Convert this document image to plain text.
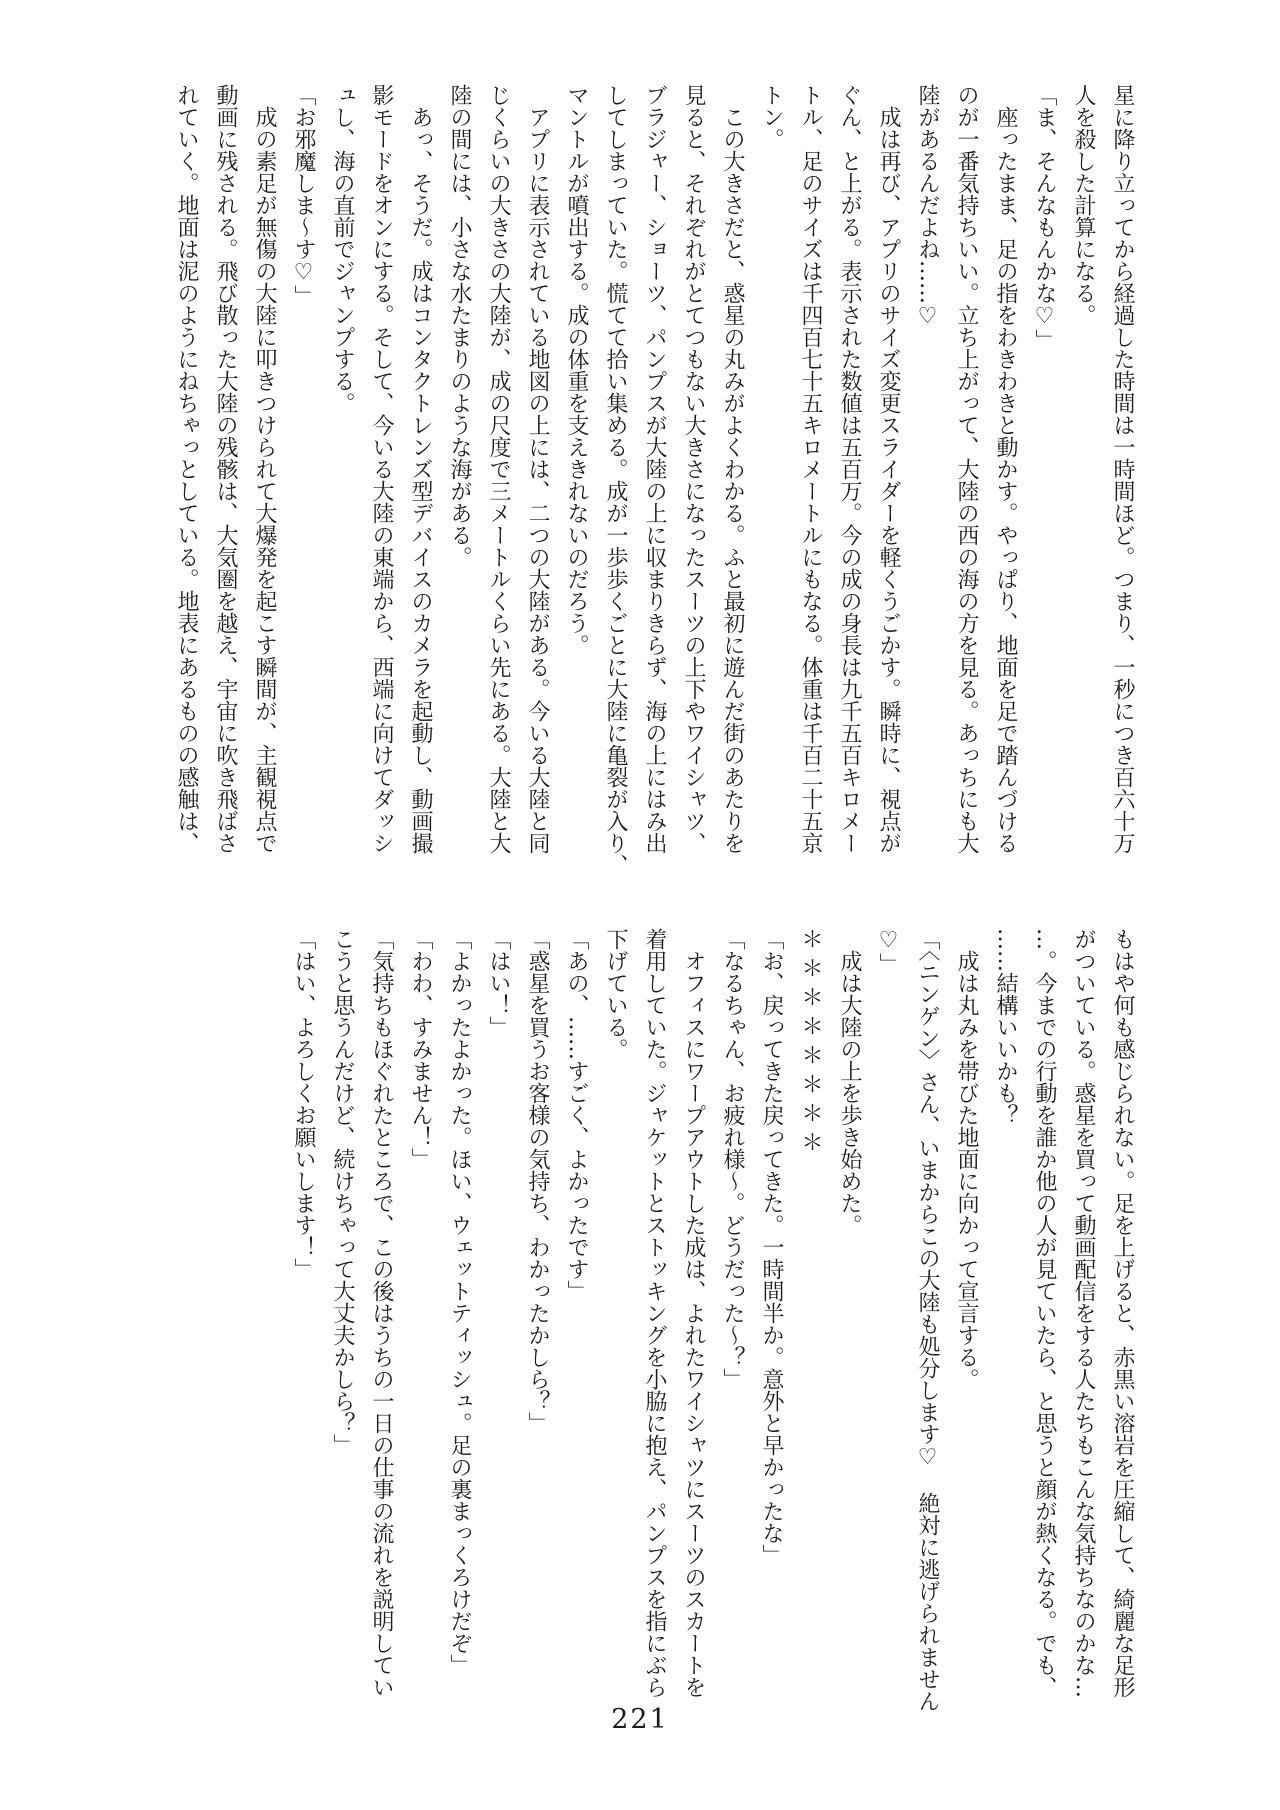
星に降り立ってから経過した時間は一時間ほど。つまり、一秒につき百六十万

人を殺した計算になる。

「ま、そんなもんかな♡」

　座ったまま、足の指をわきわきと動かす。やっぱり、地面を足で踏んづける

のが一番気持ちいい。立ち上がって、大陸の西の海の方を見る。あっちにも大

陸があるんだよね……♡

　成は再び、アプリのサイズ変更スライダーを軽くうごかす。瞬時に、視点が

ぐん、と上がる。表示された数値は五百万。今の成の身長は九千五百キロメー

トル、足のサイズは千四百七十五キロメートルにもなる。体重は千百二十五京

トン。

　この大きさだと、惑星の丸みがよくわかる。ふと最初に遊んだ街のあたりを

見ると、それぞれがとてつもない大きさになったスーツの上下やワイシャツ、

ブラジャー、ショーツ、パンプスが大陸の上に収まりきらず、海の上にはみ出

してしまっていた。慌てて拾い集める。成が一歩歩くごとに大陸に亀裂が入り、

マントルが噴出する。成の体重を支えきれないのだろう。

　アプリに表示されている地図の上には、二つの大陸がある。今いる大陸と同

じくらいの大きさの大陸が、成の尺度で三メートルくらい先にある。大陸と大

陸の間には、小さな水たまりのような海がある。

　あっ、そうだ。成はコンタクトレンズ型デバイスのカメラを起動し、動画撮

影モードをオンにする。そして、今いる大陸の東端から、西端に向けてダッシ

ュし、海の直前でジャンプする。

「お邪魔しま〜す♡」

　成の素足が無傷の大陸に叩きつけられて大爆発を起こす瞬間が、主観視点で

動画に残される。飛び散った大陸の残骸は、大気圏を越え、宇宙に吹き飛ばさ

れていく。地面は泥のようにねちゃっとしている。地表にあるものの感触は、

もはや何も感じられない。足を上げると、赤黒い溶岩を圧縮して、綺麗な足形

がついている。惑星を買って動画配信をする人たちもこんな気持ちなのかな…

…。今までの行動を誰か他の人が見ていたら、と思うと顔が熱くなる。でも、

……結構いいかも？

　成は丸みを帯びた地面に向かって宣言する。

「〈ニンゲン〉さん、いまからこの大陸も処分します♡　絶対に逃げられません

♡」

　成は大陸の上を歩き始めた。

＊＊＊＊＊＊＊＊

「お、戻ってきた戻ってきた。一時間半か。意外と早かったな」

「なるちゃん、お疲れ様〜。どうだった〜？」

　オフィスにワープアウトした成は、よれたワイシャツにスーツのスカートを

着用していた。ジャケットとストッキングを小脇に抱え、パンプスを指にぶら

下げている。

「あの、……すごく、よかったです」

「惑星を買うお客様の気持ち、わかったかしら？」

「はい！」

「よかったよかった。ほい、ウェットティッシュ。足の裏まっくろけだぞ」

「わわ、すみません！」

「気持ちもほぐれたところで、この後はうちの一日の仕事の流れを説明してい

こうと思うんだけど、続けちゃって大丈夫かしら？」

「はい、よろしくお願いします！」

221
